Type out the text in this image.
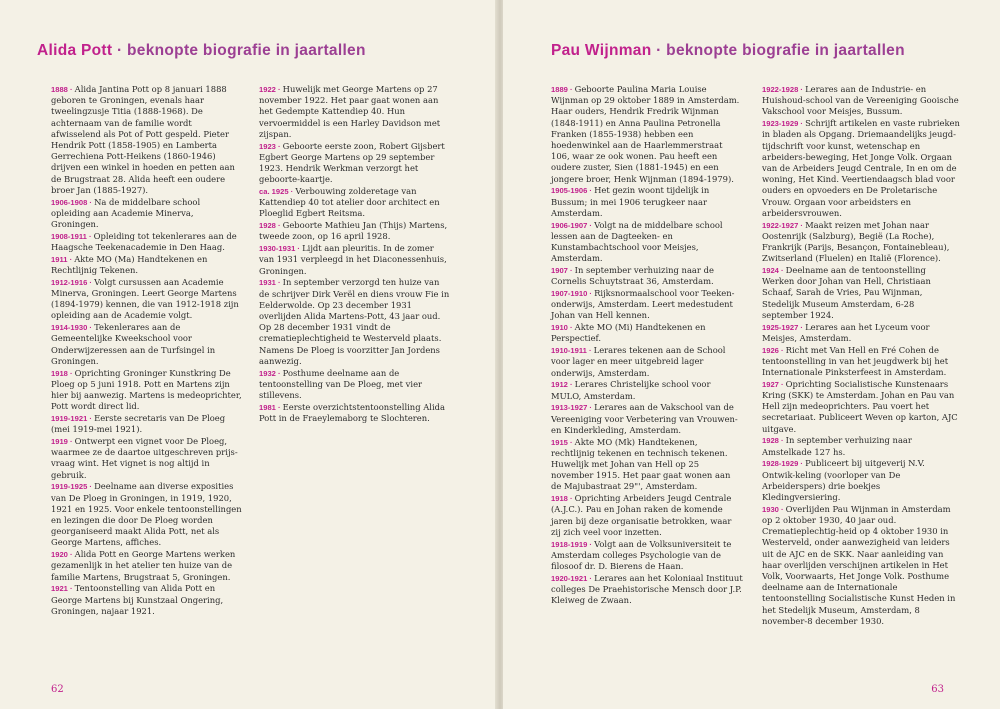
Alida Pott · beknopte biografie in jaartallen

1888 · Alida Jantina Pott op 8 januari 1888 geboren te Groningen, evenals haar tweelingzusje Titia (1888-1968). De achternaam van de familie wordt afwisselend als Pot of Pott gespeld. Pieter Hendrik Pott (1858-1905) en Lamberta Gerrechiena Pott-Heikens (1860-1946) drijven een winkel in hoeden en petten aan de Brugstraat 28. Alida heeft een oudere broer Jan (1885-1927).

1906-1908 · Na de middelbare school opleiding aan Academie Minerva, Groningen.

1908-1911 · Opleiding tot tekenlerares aan de Haagsche Teekenacademie in Den Haag.

1911 · Akte MO (Ma) Handtekenen en Rechtlijnig Tekenen.

1912-1916 · Volgt cursussen aan Academie Minerva, Groningen. Leert George Martens (1894-1979) kennen, die van 1912-1918 zijn opleiding aan de Academie volgt.

1914-1930 · Tekenlerares aan de Gemeentelijke Kweekschool voor Onderwijzeressen aan de Turfsingel in Groningen.

1918 · Oprichting Groninger Kunstkring De Ploeg op 5 juni 1918. Pott en Martens zijn hier bij aanwezig. Martens is medeoprichter, Pott wordt direct lid.

1919-1921 · Eerste secretaris van De Ploeg (mei 1919-mei 1921).

1919 · Ontwerpt een vignet voor De Ploeg, waarmee ze de daartoe uitgeschreven prijs-vraag wint. Het vignet is nog altijd in gebruik.

1919-1925 · Deelname aan diverse exposities van De Ploeg in Groningen, in 1919, 1920, 1921 en 1925. Voor enkele tentoonstellingen en lezingen die door De Ploeg worden georganiseerd maakt Alida Pott, net als George Martens, affiches.

1920 · Alida Pott en George Martens werken gezamenlijk in het atelier ten huize van de familie Martens, Brugstraat 5, Groningen.

1921 · Tentoonstelling van Alida Pott en George Martens bij Kunstzaal Ongering, Groningen, najaar 1921.

1922 · Huwelijk met George Martens op 27 november 1922. Het paar gaat wonen aan het Gedempte Kattendiep 40. Hun vervoermiddel is een Harley Davidson met zijspan.

1923 · Geboorte eerste zoon, Robert Gijsbert Egbert George Martens op 29 september 1923. Hendrik Werkman verzorgt het geboorte-kaartje.

ca. 1925 · Verbouwing zolderetage van Kattendiep 40 tot atelier door architect en Ploeglid Egbert Reitsma.

1928 · Geboorte Mathieu Jan (Thijs) Martens, tweede zoon, op 16 april 1928.

1930-1931 · Lijdt aan pleuritis. In de zomer van 1931 verpleegd in het Diaconessenhuis, Groningen.

1931 · In september verzorgd ten huize van de schrijver Dirk Verël en diens vrouw Fie in Eelderwolde. Op 23 december 1931 overlijden Alida Martens-Pott, 43 jaar oud. Op 28 december 1931 vindt de crematieplechtigheid te Westerveld plaats. Namens De Ploeg is voorzitter Jan Jordens aanwezig.

1932 · Posthume deelname aan de tentoonstelling van De Ploeg, met vier stillevens.

1981 · Eerste overzichtstentoonstelling Alida Pott in de Fraeylemaborg te Slochteren.

62
Pau Wijnman · beknopte biografie in jaartallen

1889 · Geboorte Paulina Maria Louise Wijnman op 29 oktober 1889 in Amsterdam. Haar ouders, Hendrik Fredrik Wijnman (1848-1911) en Anna Paulina Petronella Franken (1855-1938) hebben een hoedenwinkel aan de Haarlemmerstraat 106, waar ze ook wonen. Pau heeft een oudere zuster, Sien (1881-1945) en een jongere broer, Henk Wijnman (1894-1979).

1905-1906 · Het gezin woont tijdelijk in Bussum; in mei 1906 terugkeer naar Amsterdam.

1906-1907 · Volgt na de middelbare school lessen aan de Dagteeken- en Kunstambachtschool voor Meisjes, Amsterdam.

1907 · In september verhuizing naar de Cornelis Schuytstraat 36, Amsterdam.

1907-1910 · Rijksnormaalschool voor Teeken-onderwijs, Amsterdam. Leert medestudent Johan van Hell kennen.

1910 · Akte MO (Mi) Handtekenen en Perspectief.

1910-1911 · Lerares tekenen aan de School voor lager en meer uitgebreid lager onderwijs, Amsterdam.

1912 · Lerares Christelijke school voor MULO, Amsterdam.

1913-1927 · Lerares aan de Vakschool van de Vereeniging voor Verbetering van Vrouwen-en Kinderkleding, Amsterdam.

1915 · Akte MO (Mk) Handtekenen, rechtlijnig tekenen en technisch tekenen. Huwelijk met Johan van Hell op 25 november 1915. Het paar gaat wonen aan de Majubastraat 29"', Amsterdam.

1918 · Oprichting Arbeiders Jeugd Centrale (A.J.C.). Pau en Johan raken de komende jaren bij deze organisatie betrokken, waar zij zich veel voor inzetten.

1918-1919 · Volgt aan de Volksuniversiteit te Amsterdam colleges Psychologie van de filosoof dr. D. Bierens de Haan.

1920-1921 · Lerares aan het Koloniaal Instituut colleges De Praehistorische Mensch door J.P. Kleiweg de Zwaan.

1922-1928 · Lerares aan de Industrie- en Huishoud-school van de Vereeniging Gooische Vakschool voor Meisjes, Bussum.

1923-1929 · Schrijft artikelen en vaste rubrieken in bladen als Opgang. Driemaandelijks jeugd-tijdschrift voor kunst, wetenschap en arbeiders-beweging, Het Jonge Volk. Orgaan van de Arbeiders Jeugd Centrale, In en om de woning, Het Kind. Veertiendaagsch blad voor ouders en opvoeders en De Proletarische Vrouw. Orgaan voor arbeidsters en arbeidersvrouwen.

1922-1927 · Maakt reizen met Johan naar Oostenrijk (Salzburg), Begië (La Roche), Frankrijk (Parijs, Besançon, Fontainebleau), Zwitserland (Fluelen) en Italië (Florence).

1924 · Deelname aan de tentoonstelling Werken door Johan van Hell, Christiaan Schaaf, Sarah de Vries, Pau Wijnman, Stedelijk Museum Amsterdam, 6-28 september 1924.

1925-1927 · Lerares aan het Lyceum voor Meisjes, Amsterdam.

1926 · Richt met Van Hell en Fré Cohen de tentoonstelling in van het jeugdwerk bij het Internationale Pinksterfeest in Amsterdam.

1927 · Oprichting Socialistische Kunstenaars Kring (SKK) te Amsterdam. Johan en Pau van Hell zijn medeoprichters. Pau voert het secretariaat. Publiceert Weven op karton, AJC uitgave.

1928 · In september verhuizing naar Amstelkade 127 hs.

1928-1929 · Publiceert bij uitgeverij N.V. Ontwik-keling (voorloper van De Arbeiderspers) drie boekjes Kledingversiering.

1930 · Overlijden Pau Wijnman in Amsterdam op 2 oktober 1930, 40 jaar oud. Crematieplechtig-heid op 4 oktober 1930 in Westerveld, onder aanwezigheid van leiders uit de AJC en de SKK. Naar aanleiding van haar overlijden verschijnen artikelen in Het Volk, Voorwaarts, Het Jonge Volk. Posthume deelname aan de Internationale tentoonstelling Socialistische Kunst Heden in het Stedelijk Museum, Amsterdam, 8 november-8 december 1930.

63
